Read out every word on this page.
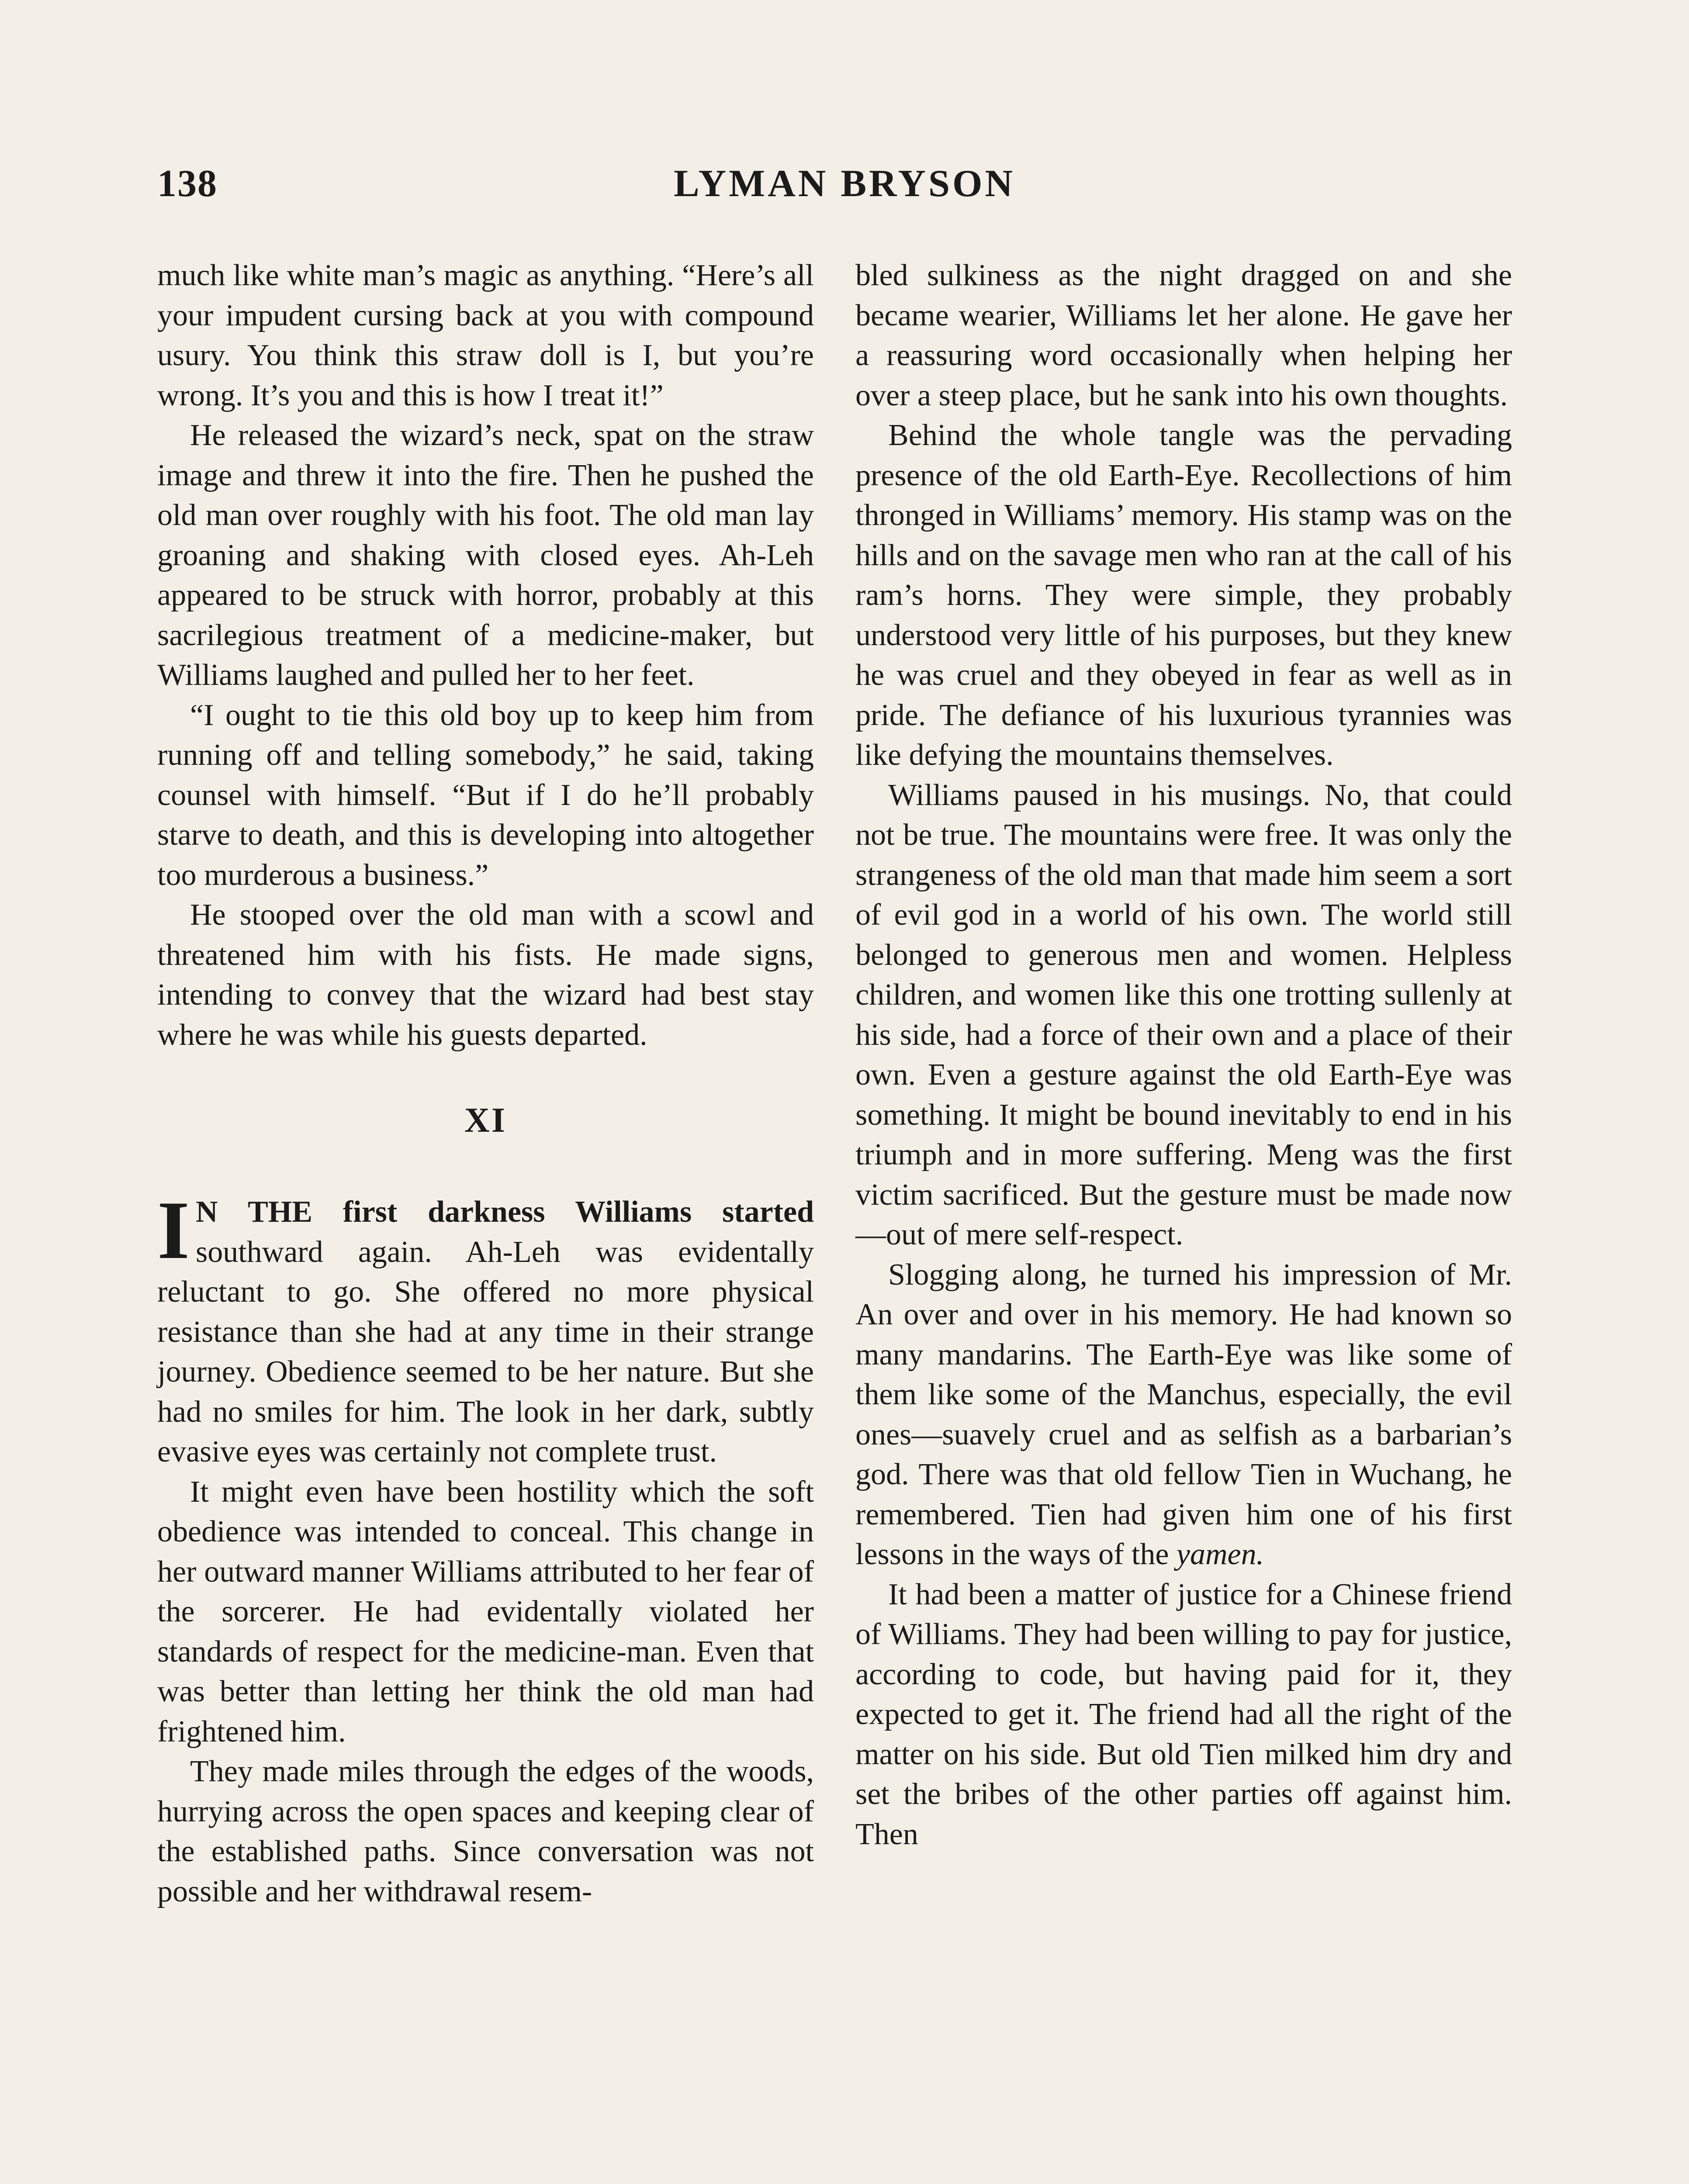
138	LYMAN BRYSON

much like white man’s magic as anything. “Here’s all your impudent cursing back at you with compound usury. You think this straw doll is I, but you’re wrong. It’s you and this is how I treat it!”

He released the wizard’s neck, spat on the straw image and threw it into the fire. Then he pushed the old man over roughly with his foot. The old man lay groaning and shaking with closed eyes. Ah-Leh appeared to be struck with horror, probably at this sacrilegious treatment of a medicine-maker, but Williams laughed and pulled her to her feet.

“I ought to tie this old boy up to keep him from running off and telling somebody,” he said, taking counsel with himself. “But if I do he’ll probably starve to death, and this is developing into altogether too murderous a business.”

He stooped over the old man with a scowl and threatened him with his fists. He made signs, intending to convey that the wizard had best stay where he was while his guests departed.

XI

I N THE first darkness Williams started southward again. Ah-Leh was evidentally reluctant to go. She offered no more physical resistance than she had at any time in their strange journey. Obedience seemed to be her nature. But she had no smiles for him. The look in her dark, subtly evasive eyes was certainly not complete trust.

It might even have been hostility which the soft obedience was intended to conceal. This change in her outward manner Williams attributed to her fear of the sorcerer. He had evidentally violated her standards of respect for the medicine-man. Even that was better than letting her think the old man had frightened him.

They made miles through the edges of the woods, hurrying across the open spaces and keeping clear of the established paths. Since conversation was not possible and her withdrawal resem-

bled sulkiness as the night dragged on and she became wearier, Williams let her alone. He gave her a reassuring word occasionally when helping her over a steep place, but he sank into his own thoughts.

Behind the whole tangle was the pervading presence of the old Earth-Eye. Recollections of him thronged in Williams’ memory. His stamp was on the hills and on the savage men who ran at the call of his ram’s horns. They were simple, they probably understood very little of his purposes, but they knew he was cruel and they obeyed in fear as well as in pride. The defiance of his luxurious tyrannies was like defying the mountains themselves.

Williams paused in his musings. No, that could not be true. The mountains were free. It was only the strangeness of the old man that made him seem a sort of evil god in a world of his own. The world still belonged to generous men and women. Helpless children, and women like this one trotting sullenly at his side, had a force of their own and a place of their own. Even a gesture against the old Earth-Eye was something. It might be bound inevitably to end in his triumph and in more suffering. Meng was the first victim sacrificed. But the gesture must be made now—out of mere self-respect.

Slogging along, he turned his impression of Mr. An over and over in his memory. He had known so many mandarins. The Earth-Eye was like some of them like some of the Manchus, especially, the evil ones—suavely cruel and as selfish as a barbarian’s god. There was that old fellow Tien in Wuchang, he remembered. Tien had given him one of his first lessons in the ways of the yamen.

It had been a matter of justice for a Chinese friend of Williams. They had been willing to pay for justice, according to code, but having paid for it, they expected to get it. The friend had all the right of the matter on his side. But old Tien milked him dry and set the bribes of the other parties off against him. Then
